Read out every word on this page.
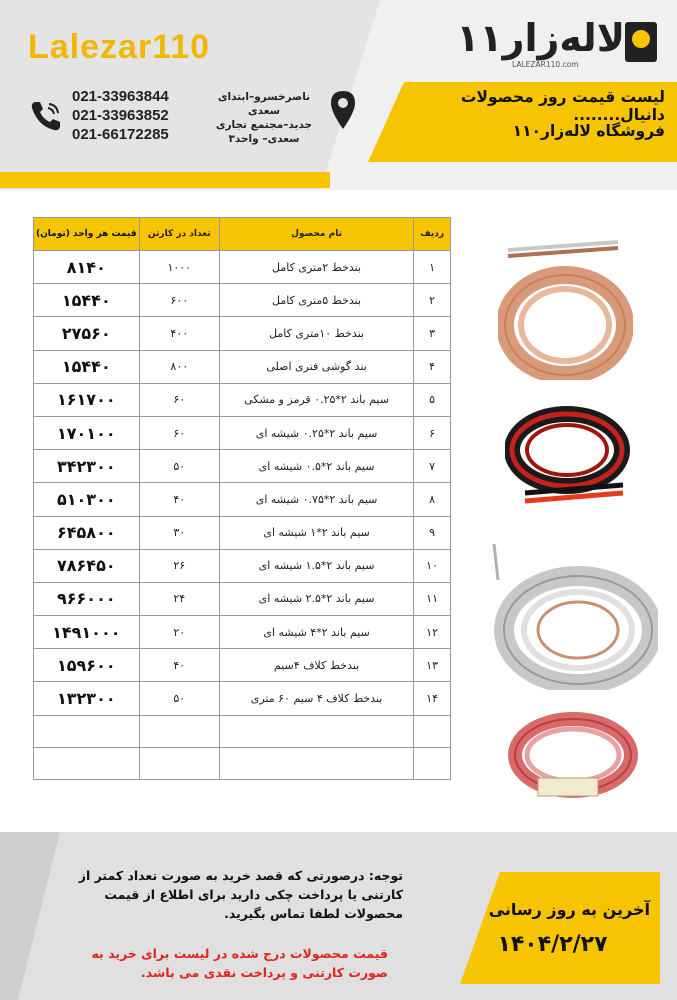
Lalezar110
021-33963844
021-33963852
021-66172285
ناصرخسرو–ابتدای سعدی
جدید–مجتمع تجاری
سعدی– واحد۳
لاله‌زار۱۱
LALEZAR110.com
لیست قیمت روز محصولات دانیال........
فروشگاه لاله‌زار۱۱۰
ردیف	نام محصول	تعداد در کارتن	قیمت هر واحد (تومان)
۱	بندخط ۲متری کامل	۱۰۰۰	۸۱۴۰
۲	بندخط ۵متری کامل	۶۰۰	۱۵۴۴۰
۳	بندخط ۱۰متری کامل	۴۰۰	۲۷۵۶۰
۴	بند گوشی فنری اصلی	۸۰۰	۱۵۴۴۰
۵	سیم باند ۲*۰.۲۵ قرمز و مشکی	۶۰	۱۶۱۷۰۰
۶	سیم باند ۲*۰.۲۵ شیشه ای	۶۰	۱۷۰۱۰۰
۷	سیم باند ۲*۰.۵ شیشه ای	۵۰	۳۴۲۳۰۰
۸	سیم باند ۲*۰.۷۵ شیشه ای	۴۰	۵۱۰۳۰۰
۹	سیم باند ۲*۱ شیشه ای	۳۰	۶۴۵۸۰۰
۱۰	سیم باند ۲*۱.۵ شیشه ای	۲۶	۷۸۶۴۵۰
۱۱	سیم باند ۲*۲.۵ شیشه ای	۲۴	۹۶۶۰۰۰
۱۲	سیم باند ۲*۴ شیشه ای	۲۰	۱۴۹۱۰۰۰
۱۳	بندخط کلاف ۴سیم	۴۰	۱۵۹۶۰۰
۱۴	بندخط کلاف ۴ سیم ۶۰ متری	۵۰	۱۳۲۳۰۰

توجه: درصورتی که قصد خرید به صورت تعداد کمتر از کارتنی یا پرداخت چکی دارید برای اطلاع از قیمت محصولات لطفا تماس بگیرید.
قیمت محصولات درج شده در لیست برای خرید به صورت کارتنی و پرداخت نقدی می باشد.
آخرین به روز رسانی
۱۴۰۴/۲/۲۷
